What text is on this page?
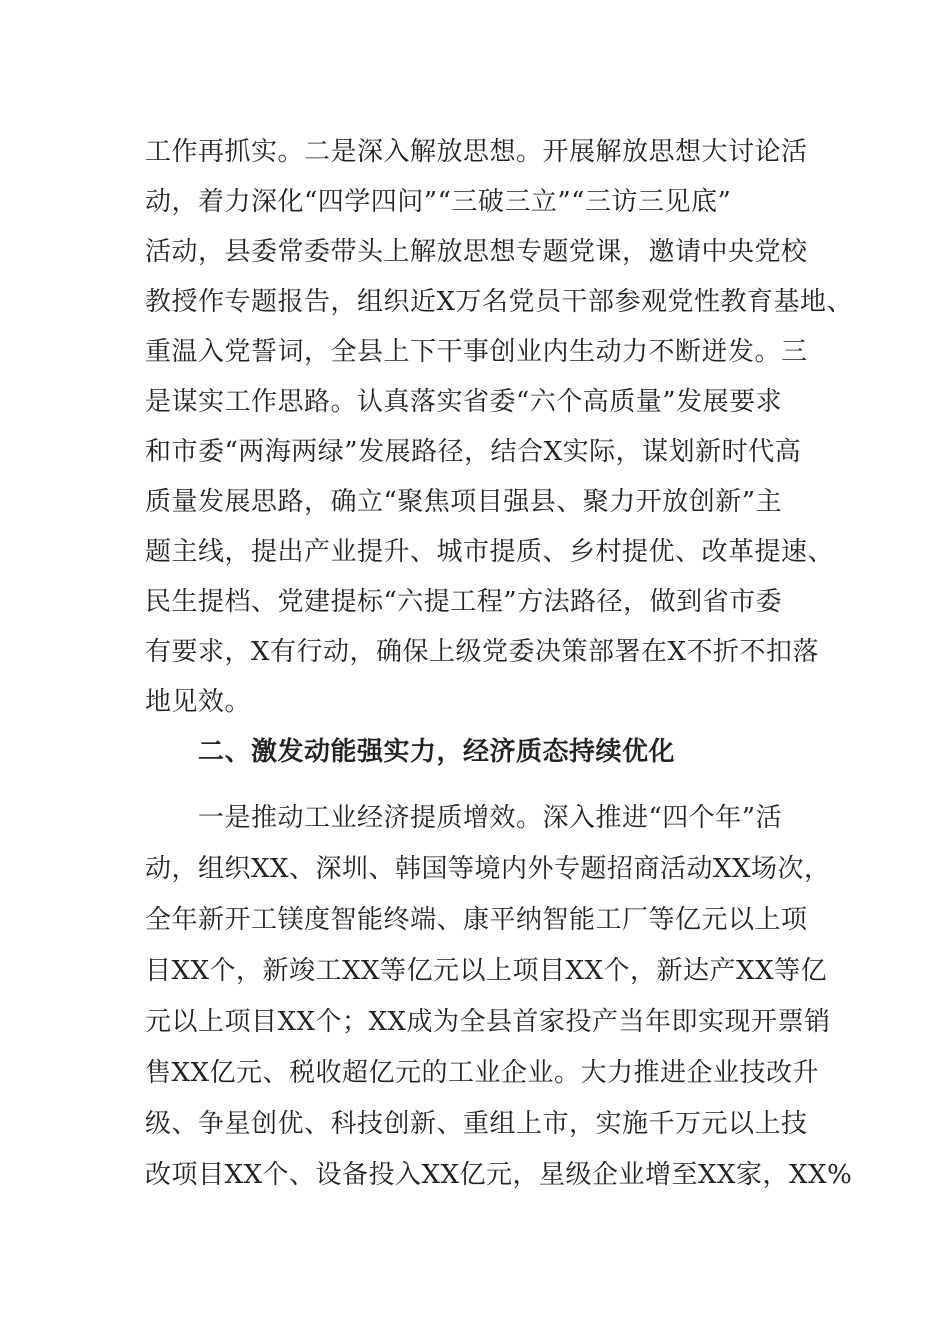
工作再抓实。二是深入解放思想。开展解放思想大讨论活
动，着力深化“四学四问”“三破三立”“三访三见底”
活动，县委常委带头上解放思想专题党课，邀请中央党校
教授作专题报告，组织近X万名党员干部参观党性教育基地、
重温入党誓词，全县上下干事创业内生动力不断迸发。三
是谋实工作思路。认真落实省委“六个高质量”发展要求
和市委“两海两绿”发展路径，结合X实际，谋划新时代高
质量发展思路，确立“聚焦项目强县、聚力开放创新”主
题主线，提出产业提升、城市提质、乡村提优、改革提速、
民生提档、党建提标“六提工程”方法路径，做到省市委
有要求，X有行动，确保上级党委决策部署在X不折不扣落
地见效。
二、激发动能强实力，经济质态持续优化
一是推动工业经济提质增效。深入推进“四个年”活
动，组织XX、深圳、韩国等境内外专题招商活动XX场次，
全年新开工镁度智能终端、康平纳智能工厂等亿元以上项
目XX个，新竣工XX等亿元以上项目XX个，新达产XX等亿
元以上项目XX个；XX成为全县首家投产当年即实现开票销
售XX亿元、税收超亿元的工业企业。大力推进企业技改升
级、争星创优、科技创新、重组上市，实施千万元以上技
改项目XX个、设备投入XX亿元，星级企业增至XX家，XX%
